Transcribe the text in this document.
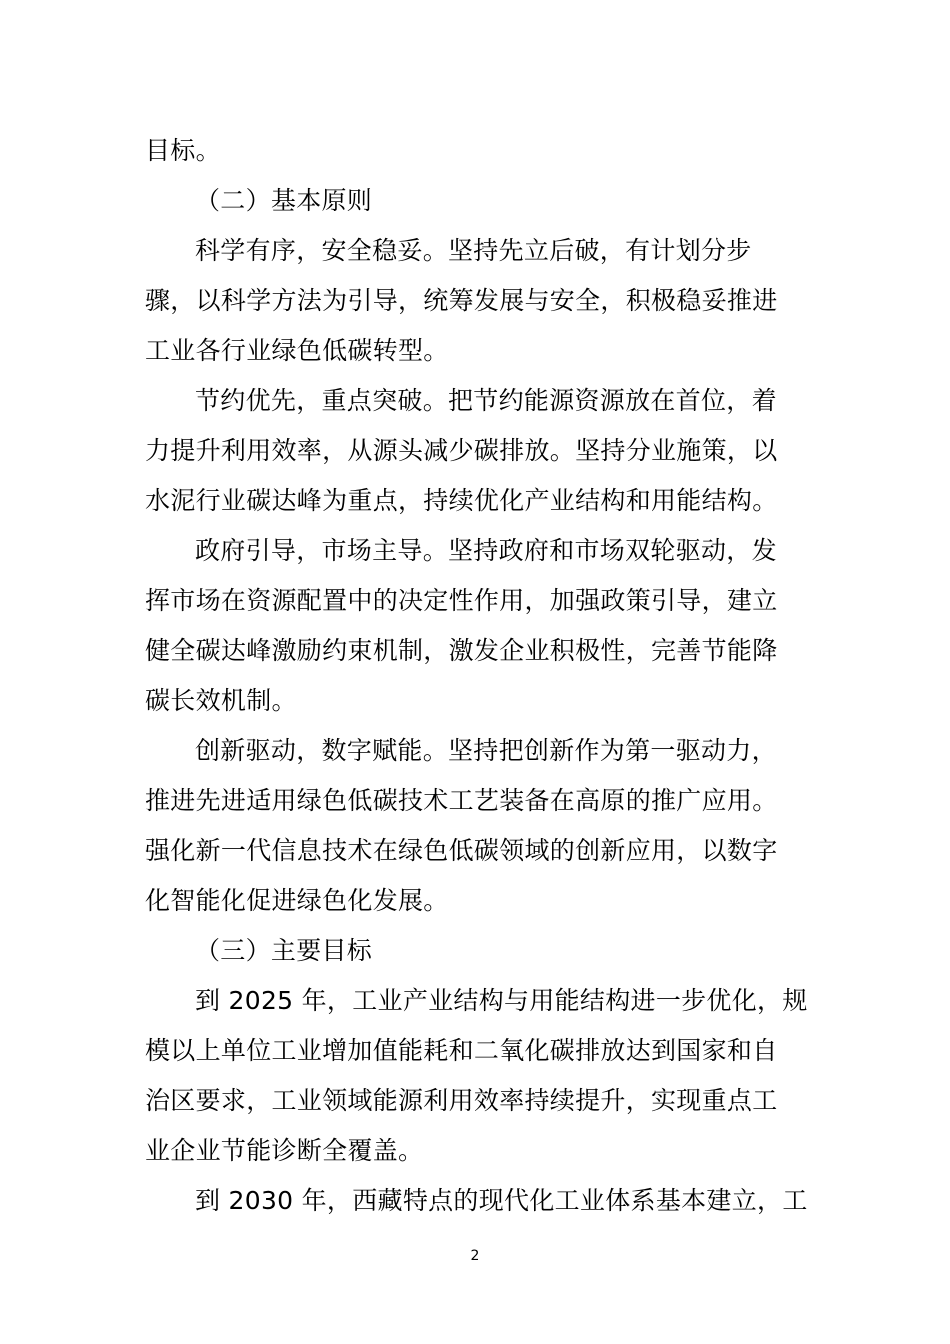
目标。
（二）基本原则
科学有序，安全稳妥。坚持先立后破，有计划分步
骤，以科学方法为引导，统筹发展与安全，积极稳妥推进
工业各行业绿色低碳转型。
节约优先，重点突破。把节约能源资源放在首位，着
力提升利用效率，从源头减少碳排放。坚持分业施策，以
水泥行业碳达峰为重点，持续优化产业结构和用能结构。
政府引导，市场主导。坚持政府和市场双轮驱动，发
挥市场在资源配置中的决定性作用，加强政策引导，建立
健全碳达峰激励约束机制，激发企业积极性，完善节能降
碳长效机制。
创新驱动，数字赋能。坚持把创新作为第一驱动力，
推进先进适用绿色低碳技术工艺装备在高原的推广应用。
强化新一代信息技术在绿色低碳领域的创新应用，以数字
化智能化促进绿色化发展。
（三）主要目标
到 2025 年，工业产业结构与用能结构进一步优化，规
模以上单位工业增加值能耗和二氧化碳排放达到国家和自
治区要求，工业领域能源利用效率持续提升，实现重点工
业企业节能诊断全覆盖。
到 2030 年，西藏特点的现代化工业体系基本建立，工
2
